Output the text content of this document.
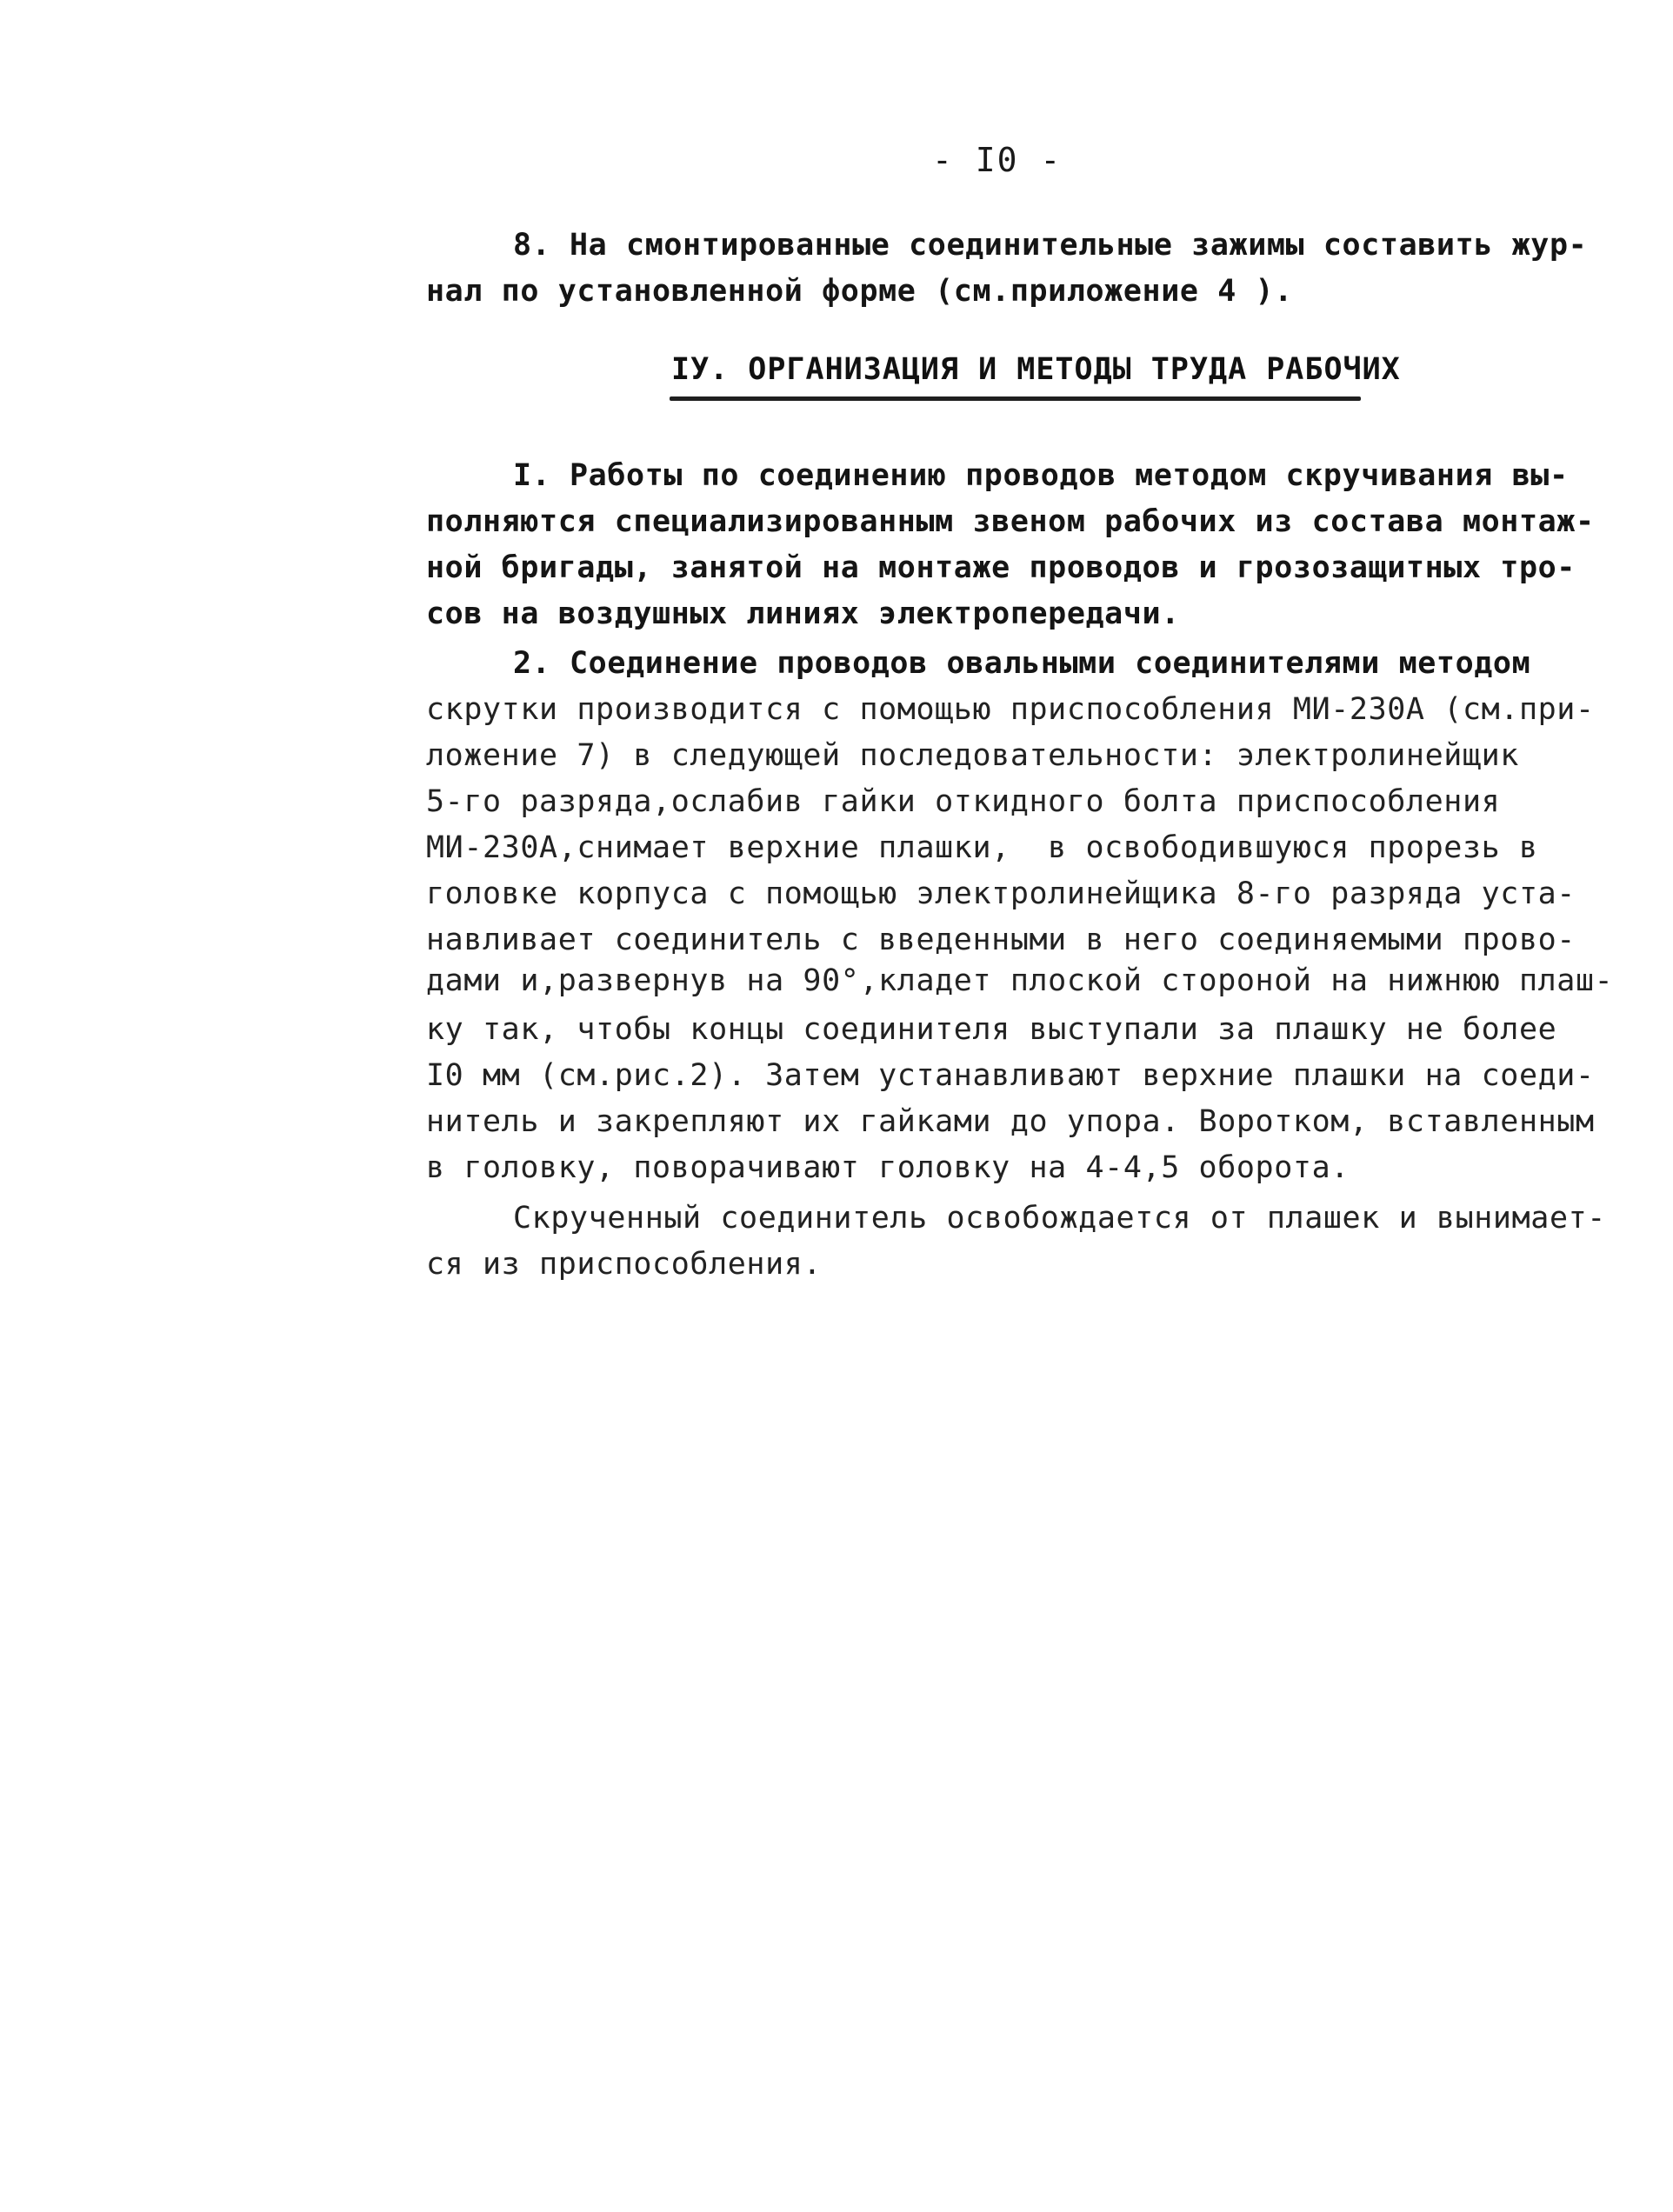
- I0 -
8. На смонтированные соединительные зажимы составить жур-
нал по установленной форме (см.приложение 4 ).
IУ. ОРГАНИЗАЦИЯ И МЕТОДЫ ТРУДА РАБОЧИХ
I. Работы по соединению проводов методом скручивания вы-
полняются специализированным звеном рабочих из состава монтаж-
ной бригады, занятой на монтаже проводов и грозозащитных тро-
сов на воздушных линиях электропередачи.
2. Соединение проводов овальными соединителями методом
скрутки производится с помощью приспособления МИ-230А (см.при-
ложение 7) в следующей последовательности: электролинейщик
5-го разряда,ослабив гайки откидного болта приспособления
МИ-230А,снимает верхние плашки,  в освободившуюся прорезь в
головке корпуса с помощью электролинейщика 8-го разряда уста-
навливает соединитель с введенными в него соединяемыми прово-
дами и,развернув на 90°,кладет плоской стороной на нижнюю плаш-
ку так, чтобы концы соединителя выступали за плашку не более
I0 мм (см.рис.2). Затем устанавливают верхние плашки на соеди-
нитель и закрепляют их гайками до упора. Воротком, вставленным
в головку, поворачивают головку на 4-4,5 оборота.
Скрученный соединитель освобождается от плашек и вынимает-
ся из приспособления.
